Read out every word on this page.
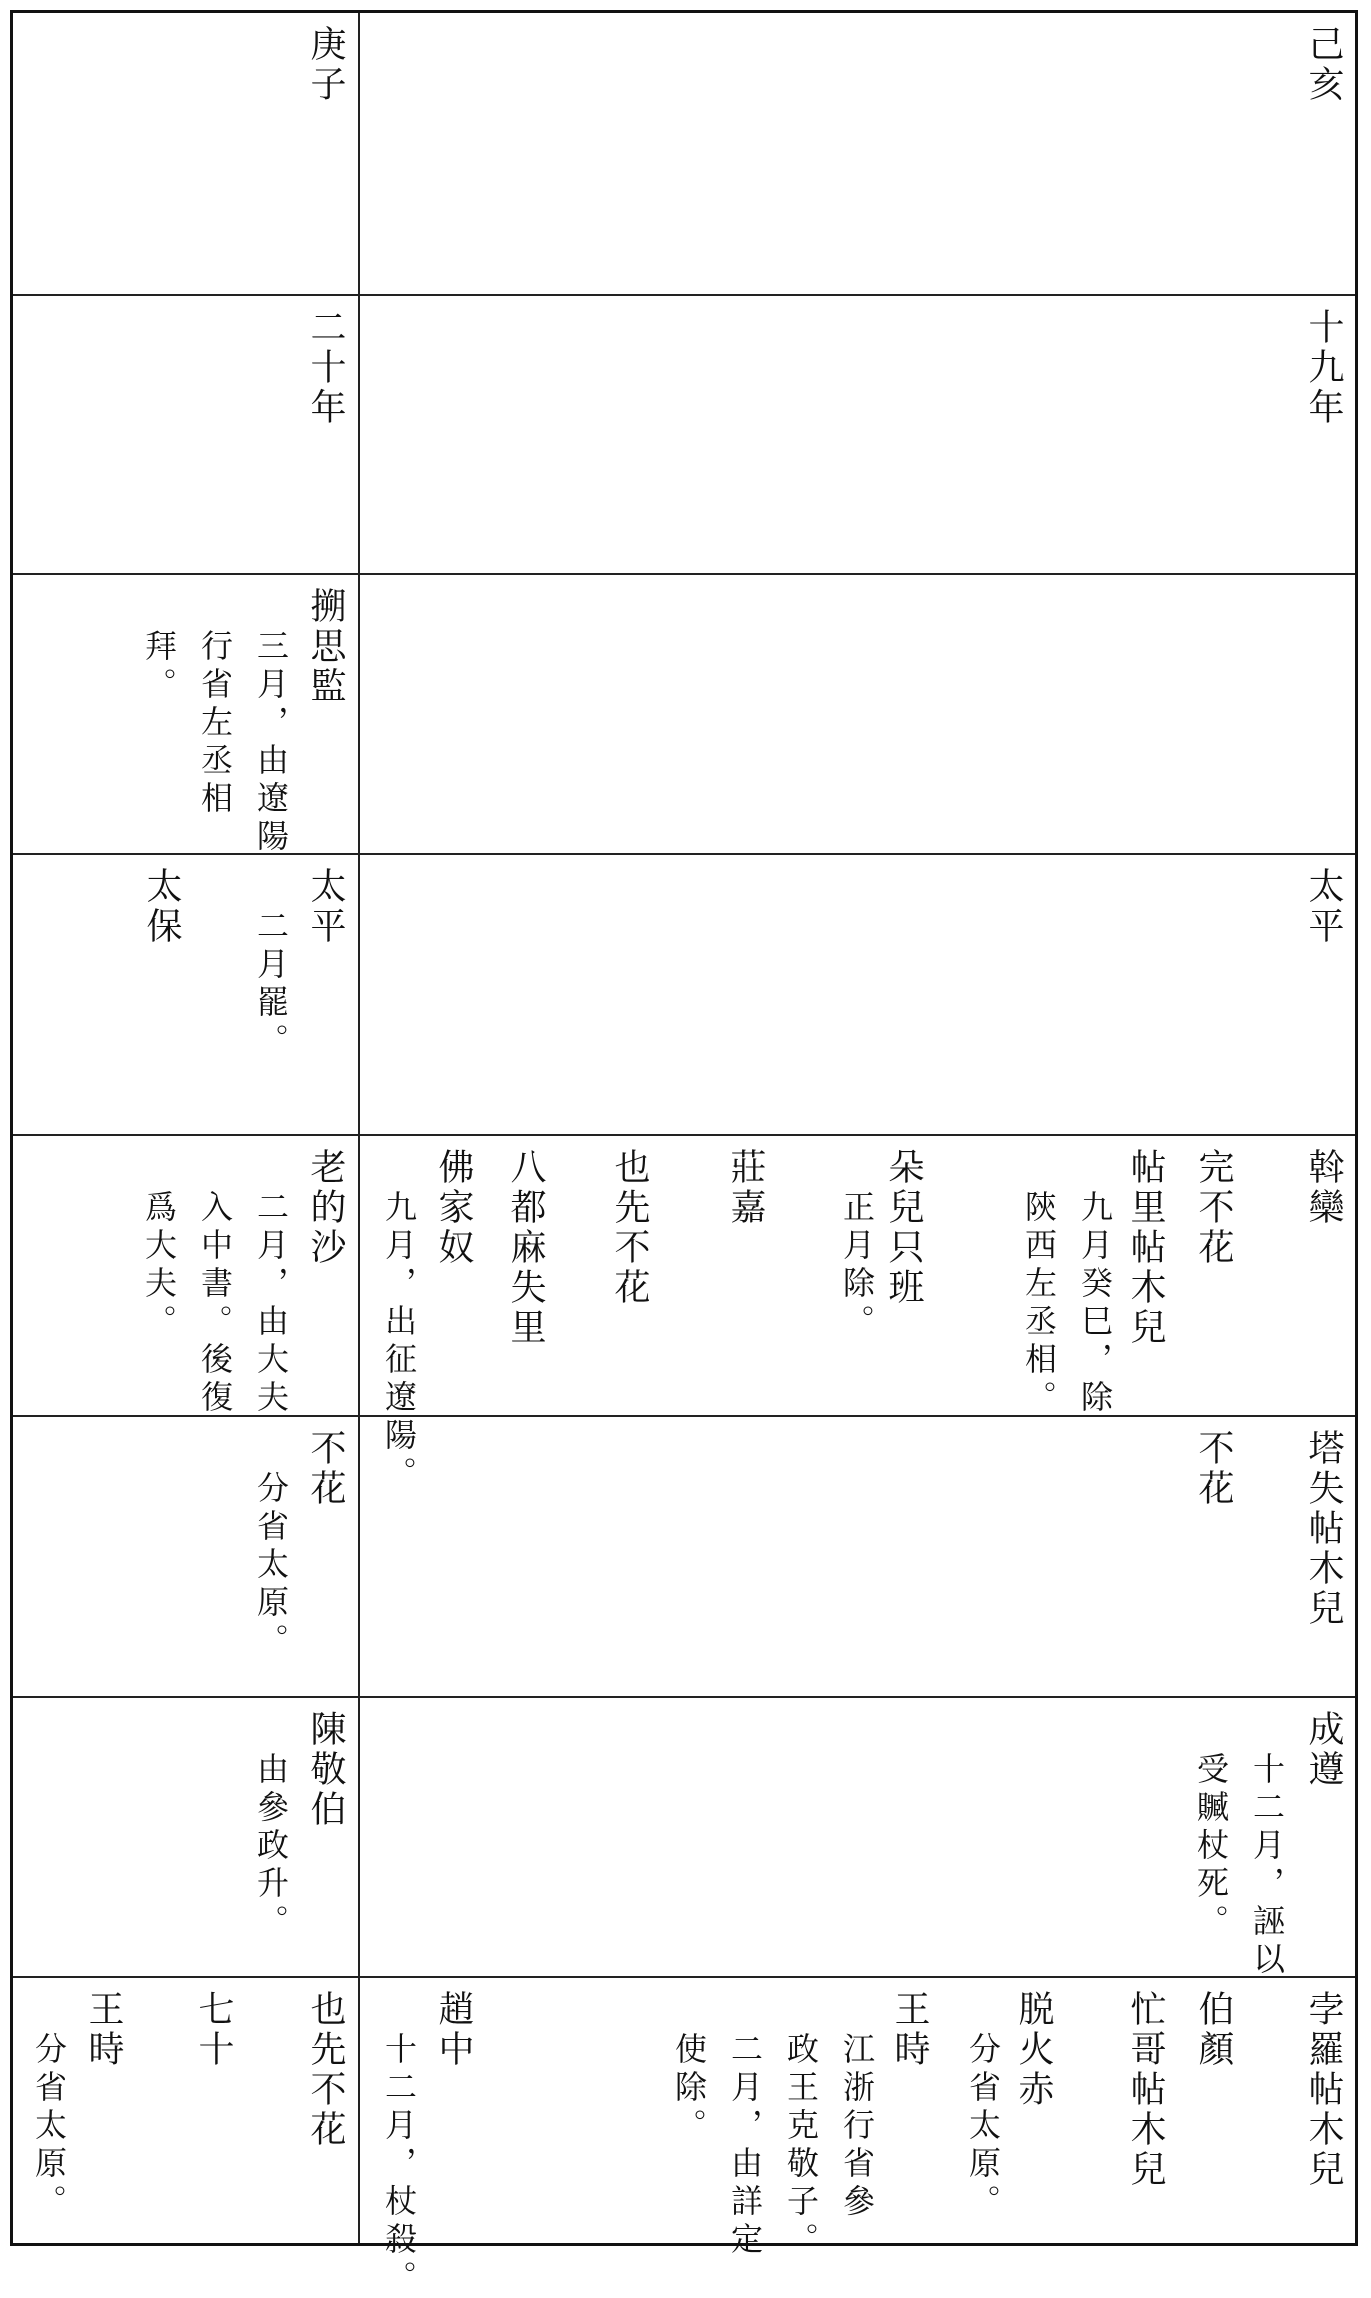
己亥
庚子
十九年
二十年
搠思監
三月，由遼陽
行省左丞相
拜。
太平
太平
二月罷。
太保
斡欒
完不花
帖里帖木兒
九月癸巳，除
陝西左丞相。
朵兒只班
正月除。
莊嘉
也先不花
八都麻失里
佛家奴
九月，出征遼陽。
老的沙
二月，由大夫
入中書。後復
爲大夫。
塔失帖木兒
不花
不花
分省太原。
成遵
十二月，誣以
受贓杖死。
陳敬伯
由參政升。
孛羅帖木兒
伯顏
忙哥帖木兒
脱火赤
分省太原。
王時
江浙行省參
政王克敬子。
二月，由詳定
使除。
趙中
十二月，杖殺。
也先不花
七十
王時
分省太原。
